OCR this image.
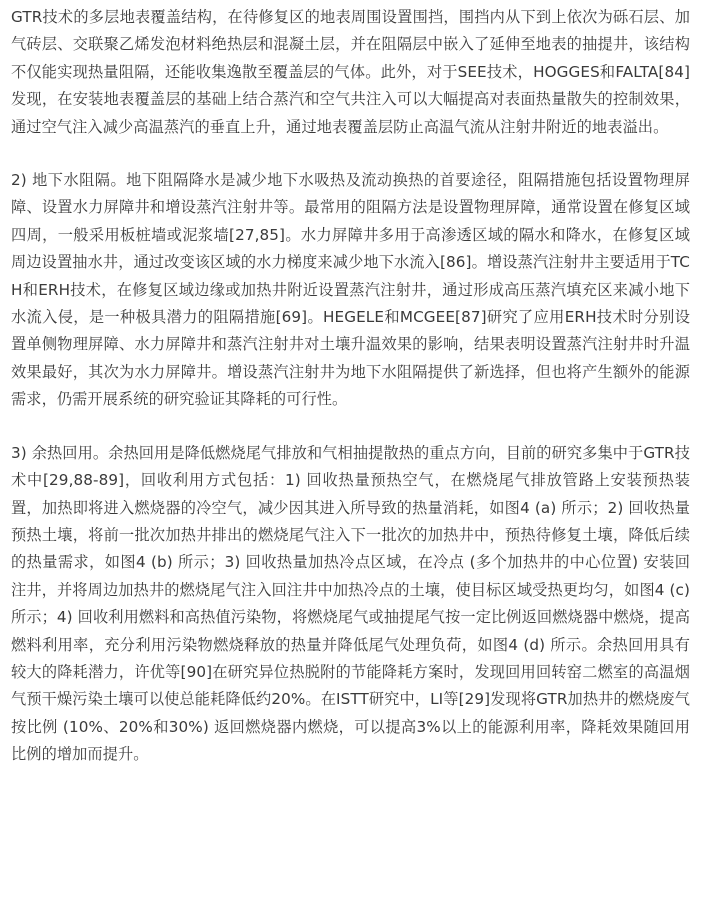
GTR技术的多层地表覆盖结构，在待修复区的地表周围设置围挡，围挡内从下到上依次为砾石层、加气砖层、交联聚乙烯发泡材料绝热层和混凝土层，并在阻隔层中嵌入了延伸至地表的抽提井，该结构不仅能实现热量阻隔，还能收集逸散至覆盖层的气体。此外，对于SEE技术，HOGGES和FALTA[84]发现，在安装地表覆盖层的基础上结合蒸汽和空气共注入可以大幅提高对表面热量散失的控制效果，通过空气注入减少高温蒸汽的垂直上升，通过地表覆盖层防止高温气流从注射井附近的地表溢出。

2) 地下水阻隔。地下阻隔降水是减少地下水吸热及流动换热的首要途径，阻隔措施包括设置物理屏障、设置水力屏障井和增设蒸汽注射井等。最常用的阻隔方法是设置物理屏障，通常设置在修复区域四周，一般采用板桩墙或泥浆墙[27,85]。水力屏障井多用于高渗透区域的隔水和降水，在修复区域周边设置抽水井，通过改变该区域的水力梯度来减少地下水流入[86]。增设蒸汽注射井主要适用于TCH和ERH技术，在修复区域边缘或加热井附近设置蒸汽注射井，通过形成高压蒸汽填充区来减小地下水流入侵，是一种极具潜力的阻隔措施[69]。HEGELE和MCGEE[87]研究了应用ERH技术时分别设置单侧物理屏障、水力屏障井和蒸汽注射井对土壤升温效果的影响，结果表明设置蒸汽注射井时升温效果最好，其次为水力屏障井。增设蒸汽注射井为地下水阻隔提供了新选择，但也将产生额外的能源需求，仍需开展系统的研究验证其降耗的可行性。

3) 余热回用。余热回用是降低燃烧尾气排放和气相抽提散热的重点方向，目前的研究多集中于GTR技术中[29,88-89]，回收利用方式包括：1) 回收热量预热空气，在燃烧尾气排放管路上安装预热装置，加热即将进入燃烧器的冷空气，减少因其进入所导致的热量消耗，如图4 (a) 所示；2) 回收热量预热土壤，将前一批次加热井排出的燃烧尾气注入下一批次的加热井中，预热待修复土壤，降低后续的热量需求，如图4 (b) 所示；3) 回收热量加热冷点区域，在冷点 (多个加热井的中心位置) 安装回注井，并将周边加热井的燃烧尾气注入回注井中加热冷点的土壤，使目标区域受热更均匀，如图4 (c) 所示；4) 回收利用燃料和高热值污染物，将燃烧尾气或抽提尾气按一定比例返回燃烧器中燃烧，提高燃料利用率，充分利用污染物燃烧释放的热量并降低尾气处理负荷，如图4 (d) 所示。余热回用具有较大的降耗潜力，许优等[90]在研究异位热脱附的节能降耗方案时，发现回用回转窑二燃室的高温烟气预干燥污染土壤可以使总能耗降低约20%。在ISTT研究中，LI等[29]发现将GTR加热井的燃烧废气按比例 (10%、20%和30%) 返回燃烧器内燃烧，可以提高3%以上的能源利用率，降耗效果随回用比例的增加而提升。
